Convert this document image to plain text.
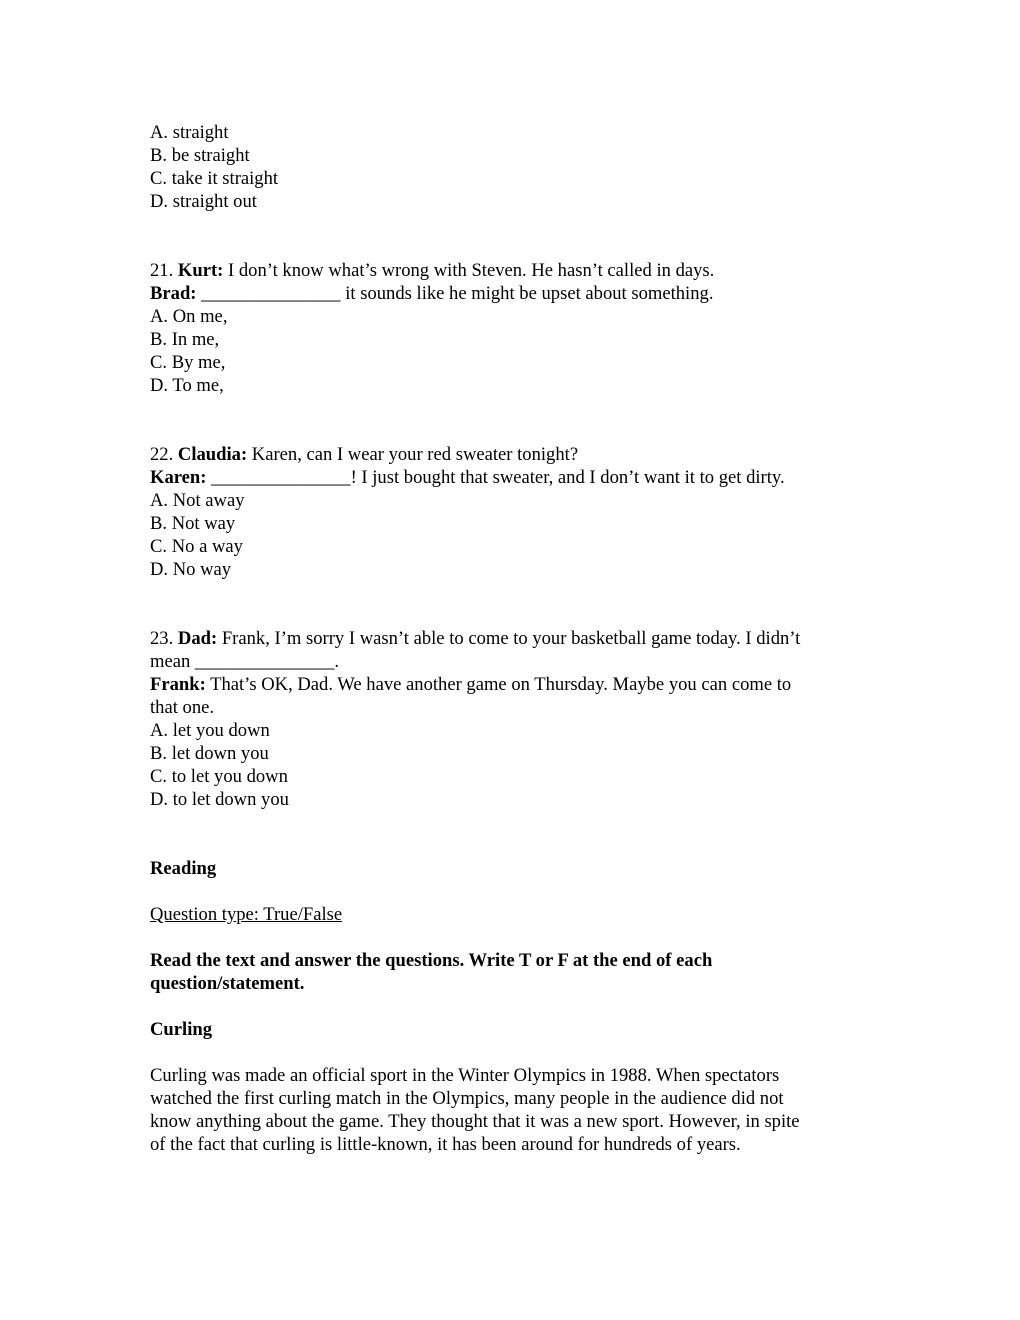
A. straight
B. be straight
C. take it straight
D. straight out
21. Kurt: I don’t know what’s wrong with Steven. He hasn’t called in days.
Brad: _______________ it sounds like he might be upset about something.
A. On me,
B. In me,
C. By me,
D. To me,
22. Claudia: Karen, can I wear your red sweater tonight?
Karen: _______________! I just bought that sweater, and I don’t want it to get dirty.
A. Not away
B. Not way
C. No a way
D. No way
23. Dad: Frank, I’m sorry I wasn’t able to come to your basketball game today. I didn’t
mean _______________.
Frank: That’s OK, Dad. We have another game on Thursday. Maybe you can come to
that one.
A. let you down
B. let down you
C. to let you down
D. to let down you
Reading
Question type: True/False
Read the text and answer the questions. Write T or F at the end of each
question/statement.
Curling
Curling was made an official sport in the Winter Olympics in 1988. When spectators
watched the first curling match in the Olympics, many people in the audience did not
know anything about the game. They thought that it was a new sport. However, in spite
of the fact that curling is little-known, it has been around for hundreds of years.
